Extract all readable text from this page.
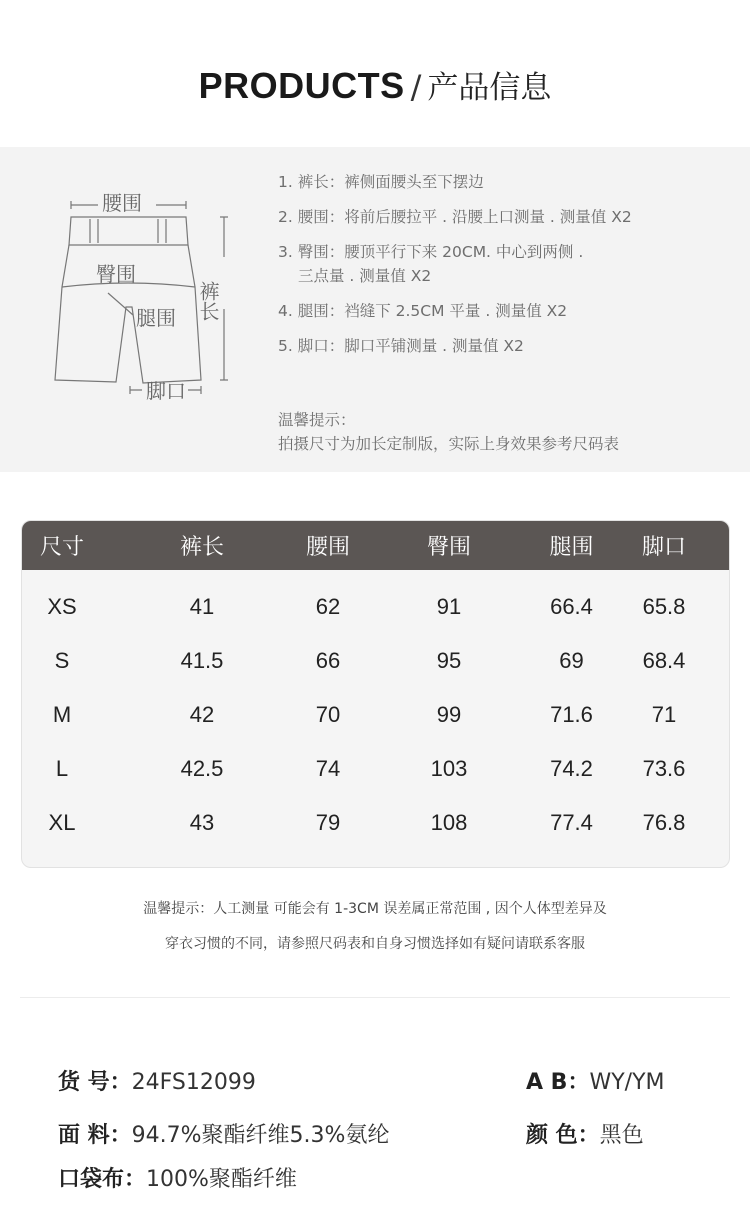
PRODUCTS / 产品信息
腰围
臀围
腿围
脚口
裤长
1. 裤长：裤侧面腰头至下摆边
2. 腰围：将前后腰拉平 . 沿腰上口测量 . 测量值 X2
3. 臀围：腰顶平行下来 20CM. 中心到两侧 .
三点量 . 测量值 X2
4. 腿围：裆缝下 2.5CM 平量 . 测量值 X2
5. 脚口：脚口平铺测量 . 测量值 X2
温馨提示：
拍摄尺寸为加长定制版，实际上身效果参考尺码表
尺寸	裤长	腰围	臀围	腿围	脚口
XS	41	62	91	66.4	65.8
S	41.5	66	95	69	68.4
M	42	70	99	71.6	71
L	42.5	74	103	74.2	73.6
XL	43	79	108	77.4	76.8
温馨提示：人工测量 可能会有 1-3CM 误差属正常范围 , 因个人体型差异及
穿衣习惯的不同，请参照尺码表和自身习惯选择如有疑问请联系客服
货 号：24FS12099	A B：WY/YM
面 料：94.7%聚酯纤维5.3%氨纶	颜 色：黑色
口袋布：100%聚酯纤维
